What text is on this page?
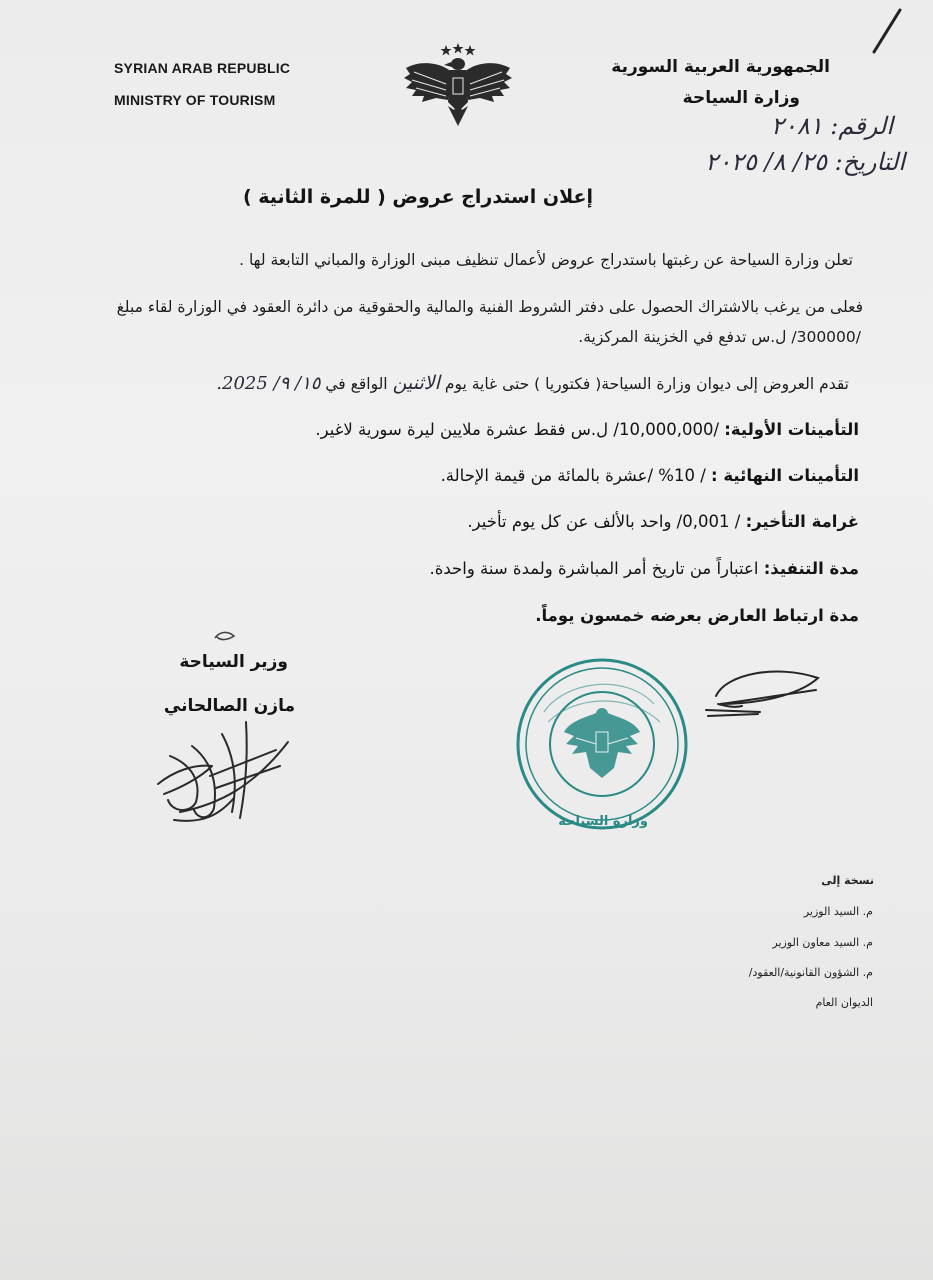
SYRIAN ARAB REPUBLIC
MINISTRY OF TOURISM
الجمهورية العربية السورية
وزارة السياحة
الرقم: ٢٠٨١
التاريخ: ٢٥/ ٨/ ٢٠٢٥
إعلان استدراج عروض ( للمرة الثانية )
تعلن وزارة السياحة عن رغبتها باستدراج عروض لأعمال تنظيف مبنى الوزارة والمباني التابعة لها .
فعلى من يرغب بالاشتراك الحصول على دفتر الشروط الفنية والمالية والحقوقية من دائرة العقود في الوزارة لقاء مبلغ
/300000/ ل.س تدفع في الخزينة المركزية.
تقدم العروض إلى ديوان وزارة السياحة( فكتوريا ) حتى غاية يوم الاثنين الواقع في ١٥/ ٩/ 2025.
التأمينات الأولية: /10,000,000/ ل.س فقط عشرة ملايين ليرة سورية لاغير.
التأمينات النهائية : / 10% /عشرة بالمائة من قيمة الإحالة.
غرامة التأخير: / 0,001/ واحد بالألف عن كل يوم تأخير.
مدة التنفيذ: اعتباراً من تاريخ أمر المباشرة ولمدة سنة واحدة.
مدة ارتباط العارض بعرضه خمسون يوماً.
وزير السياحة
مازن الصالحاني
وزارة السياحة
نسخة إلى
م. السيد الوزير
م. السيد معاون الوزير
م. الشؤون القانونية/العقود/
الديوان العام
